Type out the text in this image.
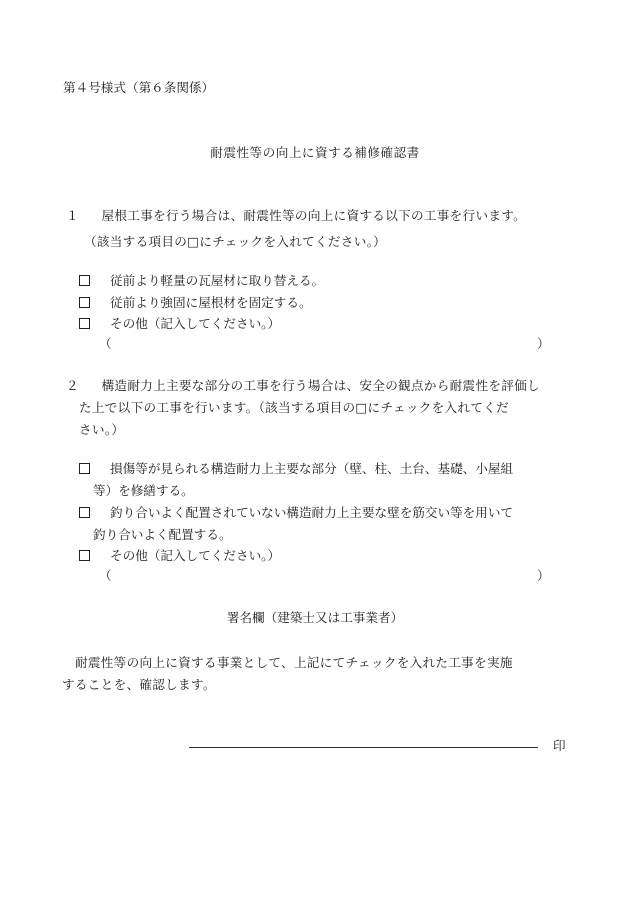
第４号様式（第６条関係）
耐震性等の向上に資する補修確認書
１ 屋根工事を行う場合は、耐震性等の向上に資する以下の工事を行います。
（該当する項目の□にチェックを入れてください。）
従前より軽量の瓦屋材に取り替える。
従前より強固に屋根材を固定する。
その他（記入してください。）
（	）
２ 構造耐力上主要な部分の工事を行う場合は、安全の観点から耐震性を評価し
た上で以下の工事を行います。（該当する項目の□にチェックを入れてくだ
さい。）
損傷等が見られる構造耐力上主要な部分（壁、柱、土台、基礎、小屋組
等）を修繕する。
釣り合いよく配置されていない構造耐力上主要な壁を筋交い等を用いて
釣り合いよく配置する。
その他（記入してください。）
（	）
署名欄（建築士又は工事業者）
耐震性等の向上に資する事業として、上記にてチェックを入れた工事を実施
することを、確認します。
印
